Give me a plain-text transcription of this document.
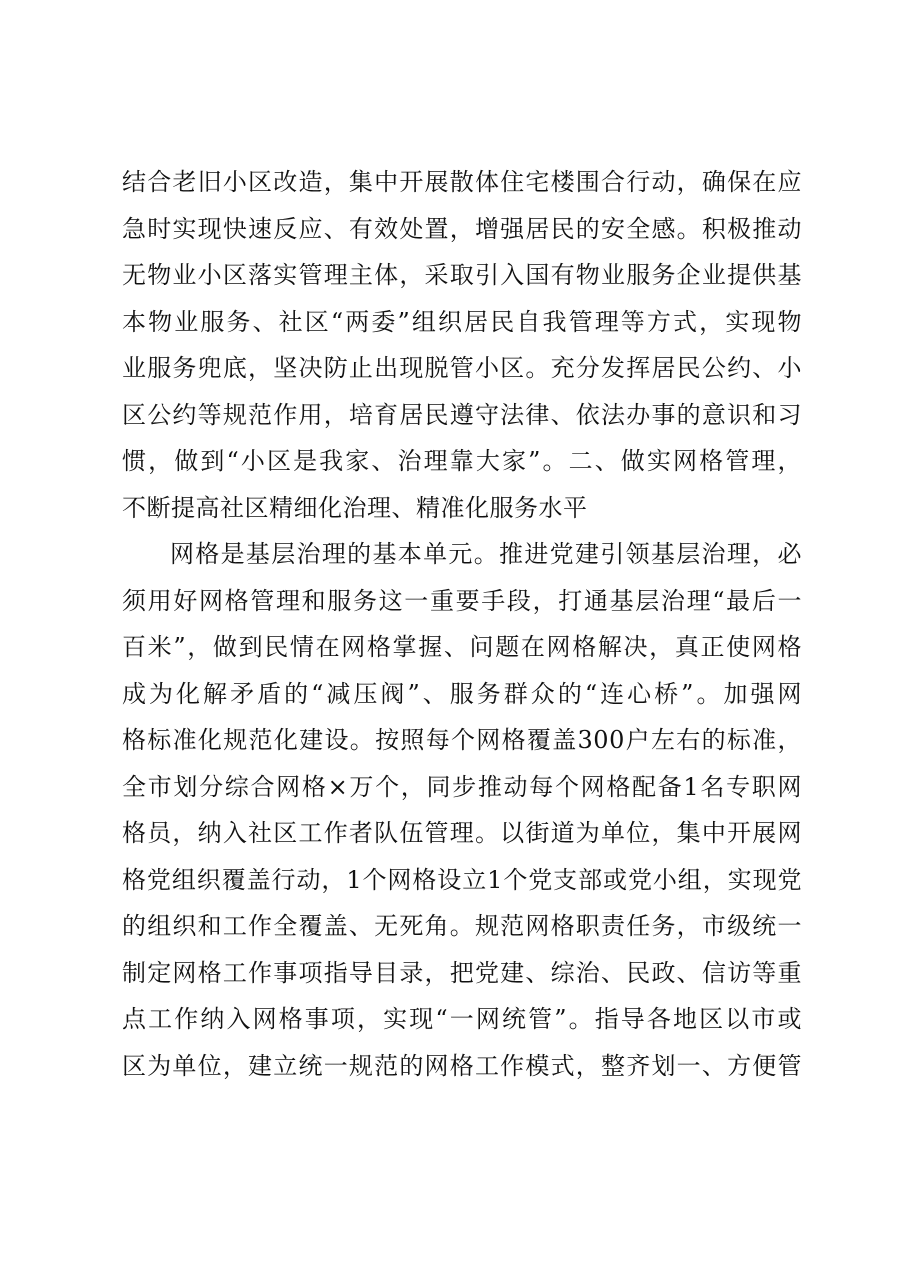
结合老旧小区改造，集中开展散体住宅楼围合行动，确保在应
急时实现快速反应、有效处置，增强居民的安全感。积极推动
无物业小区落实管理主体，采取引入国有物业服务企业提供基
本物业服务、社区“两委”组织居民自我管理等方式，实现物
业服务兜底，坚决防止出现脱管小区。充分发挥居民公约、小
区公约等规范作用，培育居民遵守法律、依法办事的意识和习
惯，做到“小区是我家、治理靠大家”。二、做实网格管理，
不断提高社区精细化治理、精准化服务水平
网格是基层治理的基本单元。推进党建引领基层治理，必
须用好网格管理和服务这一重要手段，打通基层治理“最后一
百米”，做到民情在网格掌握、问题在网格解决，真正使网格
成为化解矛盾的“减压阀”、服务群众的“连心桥”。加强网
格标准化规范化建设。按照每个网格覆盖300户左右的标准，
全市划分综合网格×万个，同步推动每个网格配备1名专职网
格员，纳入社区工作者队伍管理。以街道为单位，集中开展网
格党组织覆盖行动，1个网格设立1个党支部或党小组，实现党
的组织和工作全覆盖、无死角。规范网格职责任务，市级统一
制定网格工作事项指导目录，把党建、综治、民政、信访等重
点工作纳入网格事项，实现“一网统管”。指导各地区以市或
区为单位，建立统一规范的网格工作模式，整齐划一、方便管
